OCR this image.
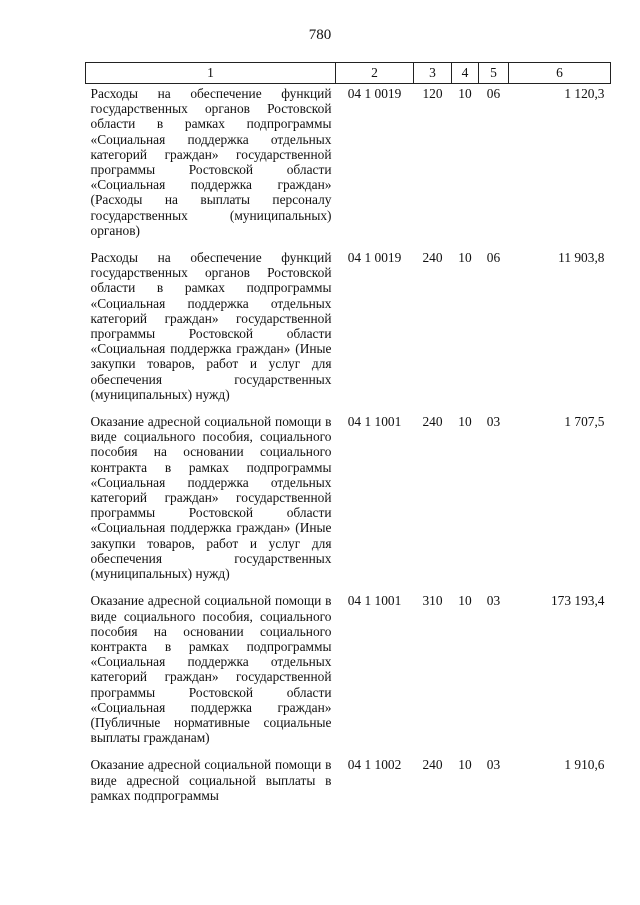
780
1	2	3	4	5	6
Расходы на обеспечение функций государственных органов Ростовской области в рамках подпрограммы «Социальная поддержка отдельных категорий граждан» государственной программы Ростовской области «Социальная поддержка граждан» (Расходы на выплаты персоналу государственных (муниципальных) органов)	04 1 0019	120	10	06	1 120,3
Расходы на обеспечение функций государственных органов Ростовской области в рамках подпрограммы «Социальная поддержка отдельных категорий граждан» государственной программы Ростовской области «Социальная поддержка граждан» (Иные закупки товаров, работ и услуг для обеспечения государственных (муниципальных) нужд)	04 1 0019	240	10	06	11 903,8
Оказание адресной социальной помощи в виде социального пособия, социального пособия на основании социального контракта в рамках подпрограммы «Социальная поддержка отдельных категорий граждан» государственной программы Ростовской области «Социальная поддержка граждан» (Иные закупки товаров, работ и услуг для обеспечения государственных (муниципальных) нужд)	04 1 1001	240	10	03	1 707,5
Оказание адресной социальной помощи в виде социального пособия, социального пособия на основании социального контракта в рамках подпрограммы «Социальная поддержка отдельных категорий граждан» государственной программы Ростовской области «Социальная поддержка граждан» (Публичные нормативные социальные выплаты гражданам)	04 1 1001	310	10	03	173 193,4
Оказание адресной социальной помощи в виде адресной социальной выплаты в рамках подпрограммы	04 1 1002	240	10	03	1 910,6
